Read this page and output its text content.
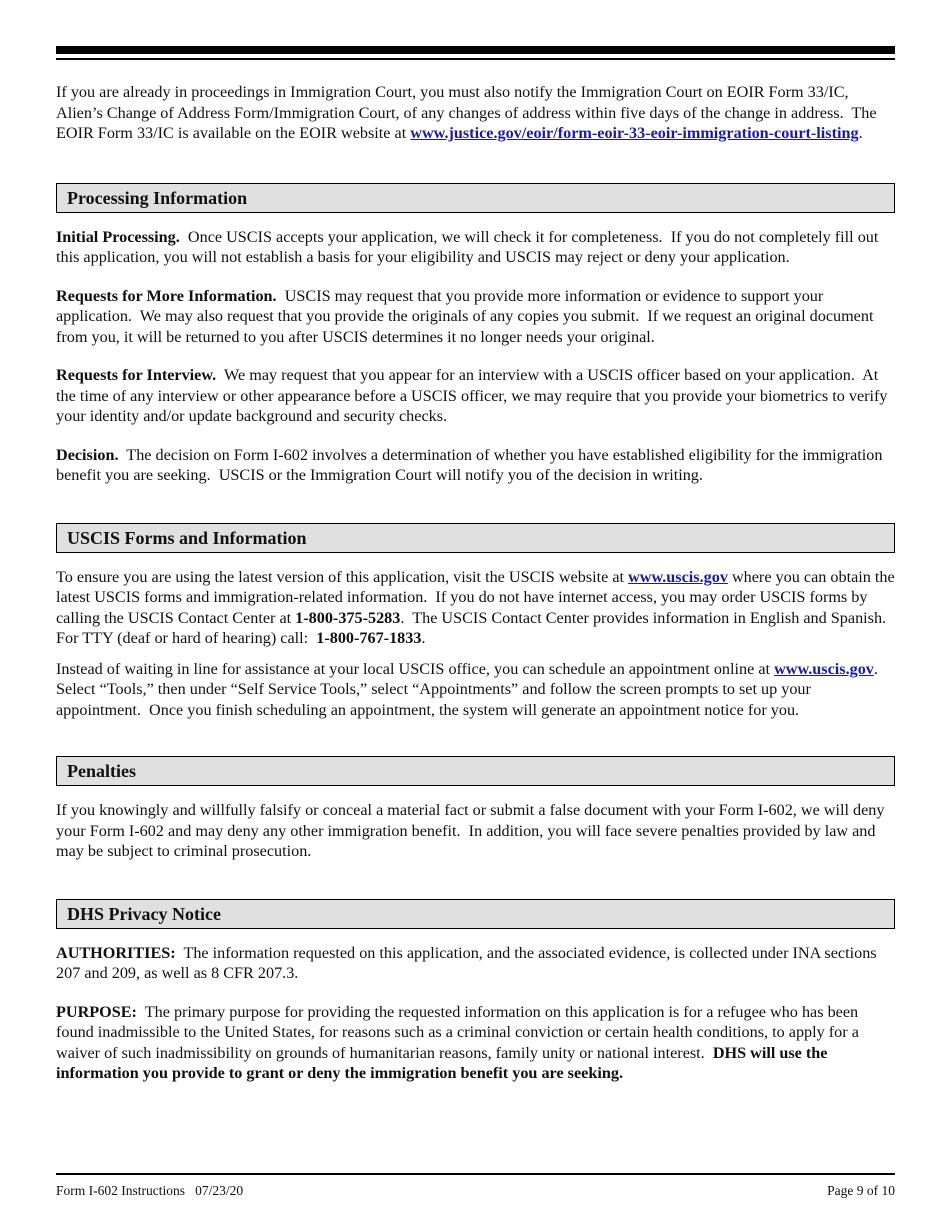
If you are already in proceedings in Immigration Court, you must also notify the Immigration Court on EOIR Form 33/IC, Alien’s Change of Address Form/Immigration Court, of any changes of address within five days of the change in address.  The EOIR Form 33/IC is available on the EOIR website at www.justice.gov/eoir/form-eoir-33-eoir-immigration-court-listing.

Processing Information

Initial Processing.  Once USCIS accepts your application, we will check it for completeness.  If you do not completely fill out this application, you will not establish a basis for your eligibility and USCIS may reject or deny your application.

Requests for More Information.  USCIS may request that you provide more information or evidence to support your application.  We may also request that you provide the originals of any copies you submit.  If we request an original document from you, it will be returned to you after USCIS determines it no longer needs your original.

Requests for Interview.  We may request that you appear for an interview with a USCIS officer based on your application.  At the time of any interview or other appearance before a USCIS officer, we may require that you provide your biometrics to verify your identity and/or update background and security checks.

Decision.  The decision on Form I-602 involves a determination of whether you have established eligibility for the immigration benefit you are seeking.  USCIS or the Immigration Court will notify you of the decision in writing.

USCIS Forms and Information

To ensure you are using the latest version of this application, visit the USCIS website at www.uscis.gov where you can obtain the latest USCIS forms and immigration-related information.  If you do not have internet access, you may order USCIS forms by calling the USCIS Contact Center at 1-800-375-5283.  The USCIS Contact Center provides information in English and Spanish.  For TTY (deaf or hard of hearing) call:  1-800-767-1833.

Instead of waiting in line for assistance at your local USCIS office, you can schedule an appointment online at www.uscis.gov.  Select “Tools,” then under “Self Service Tools,” select “Appointments” and follow the screen prompts to set up your appointment.  Once you finish scheduling an appointment, the system will generate an appointment notice for you.

Penalties

If you knowingly and willfully falsify or conceal a material fact or submit a false document with your Form I-602, we will deny your Form I-602 and may deny any other immigration benefit.  In addition, you will face severe penalties provided by law and may be subject to criminal prosecution.

DHS Privacy Notice

AUTHORITIES:  The information requested on this application, and the associated evidence, is collected under INA sections 207 and 209, as well as 8 CFR 207.3.

PURPOSE:  The primary purpose for providing the requested information on this application is for a refugee who has been found inadmissible to the United States, for reasons such as a criminal conviction or certain health conditions, to apply for a waiver of such inadmissibility on grounds of humanitarian reasons, family unity or national interest.  DHS will use the information you provide to grant or deny the immigration benefit you are seeking.

Form I-602 Instructions   07/23/20	Page 9 of 10
